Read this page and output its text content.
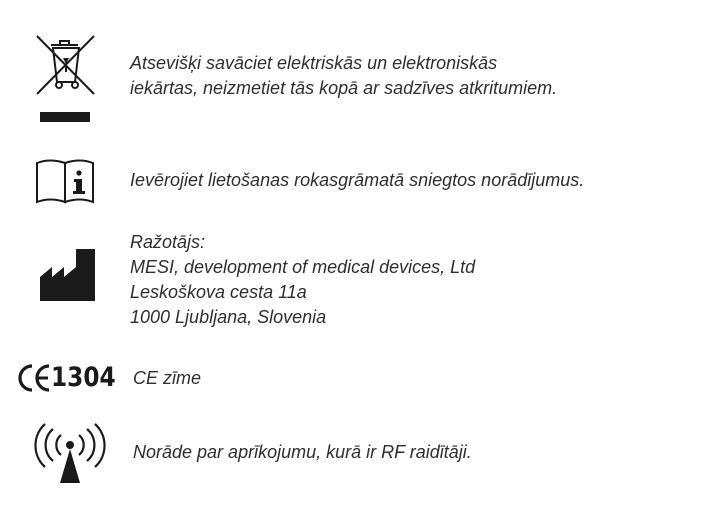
Atsevišķi savāciet elektriskās un elektroniskās
iekārtas, neizmetiet tās kopā ar sadzīves atkritumiem.
Ievērojiet lietošanas rokasgrāmatā sniegtos norādījumus.
Ražotājs:
MESI, development of medical devices, Ltd
Leskoškova cesta 11a
1000 Ljubljana, Slovenia
1304 CE zīme
Norāde par aprīkojumu, kurā ir RF raidītāji.
